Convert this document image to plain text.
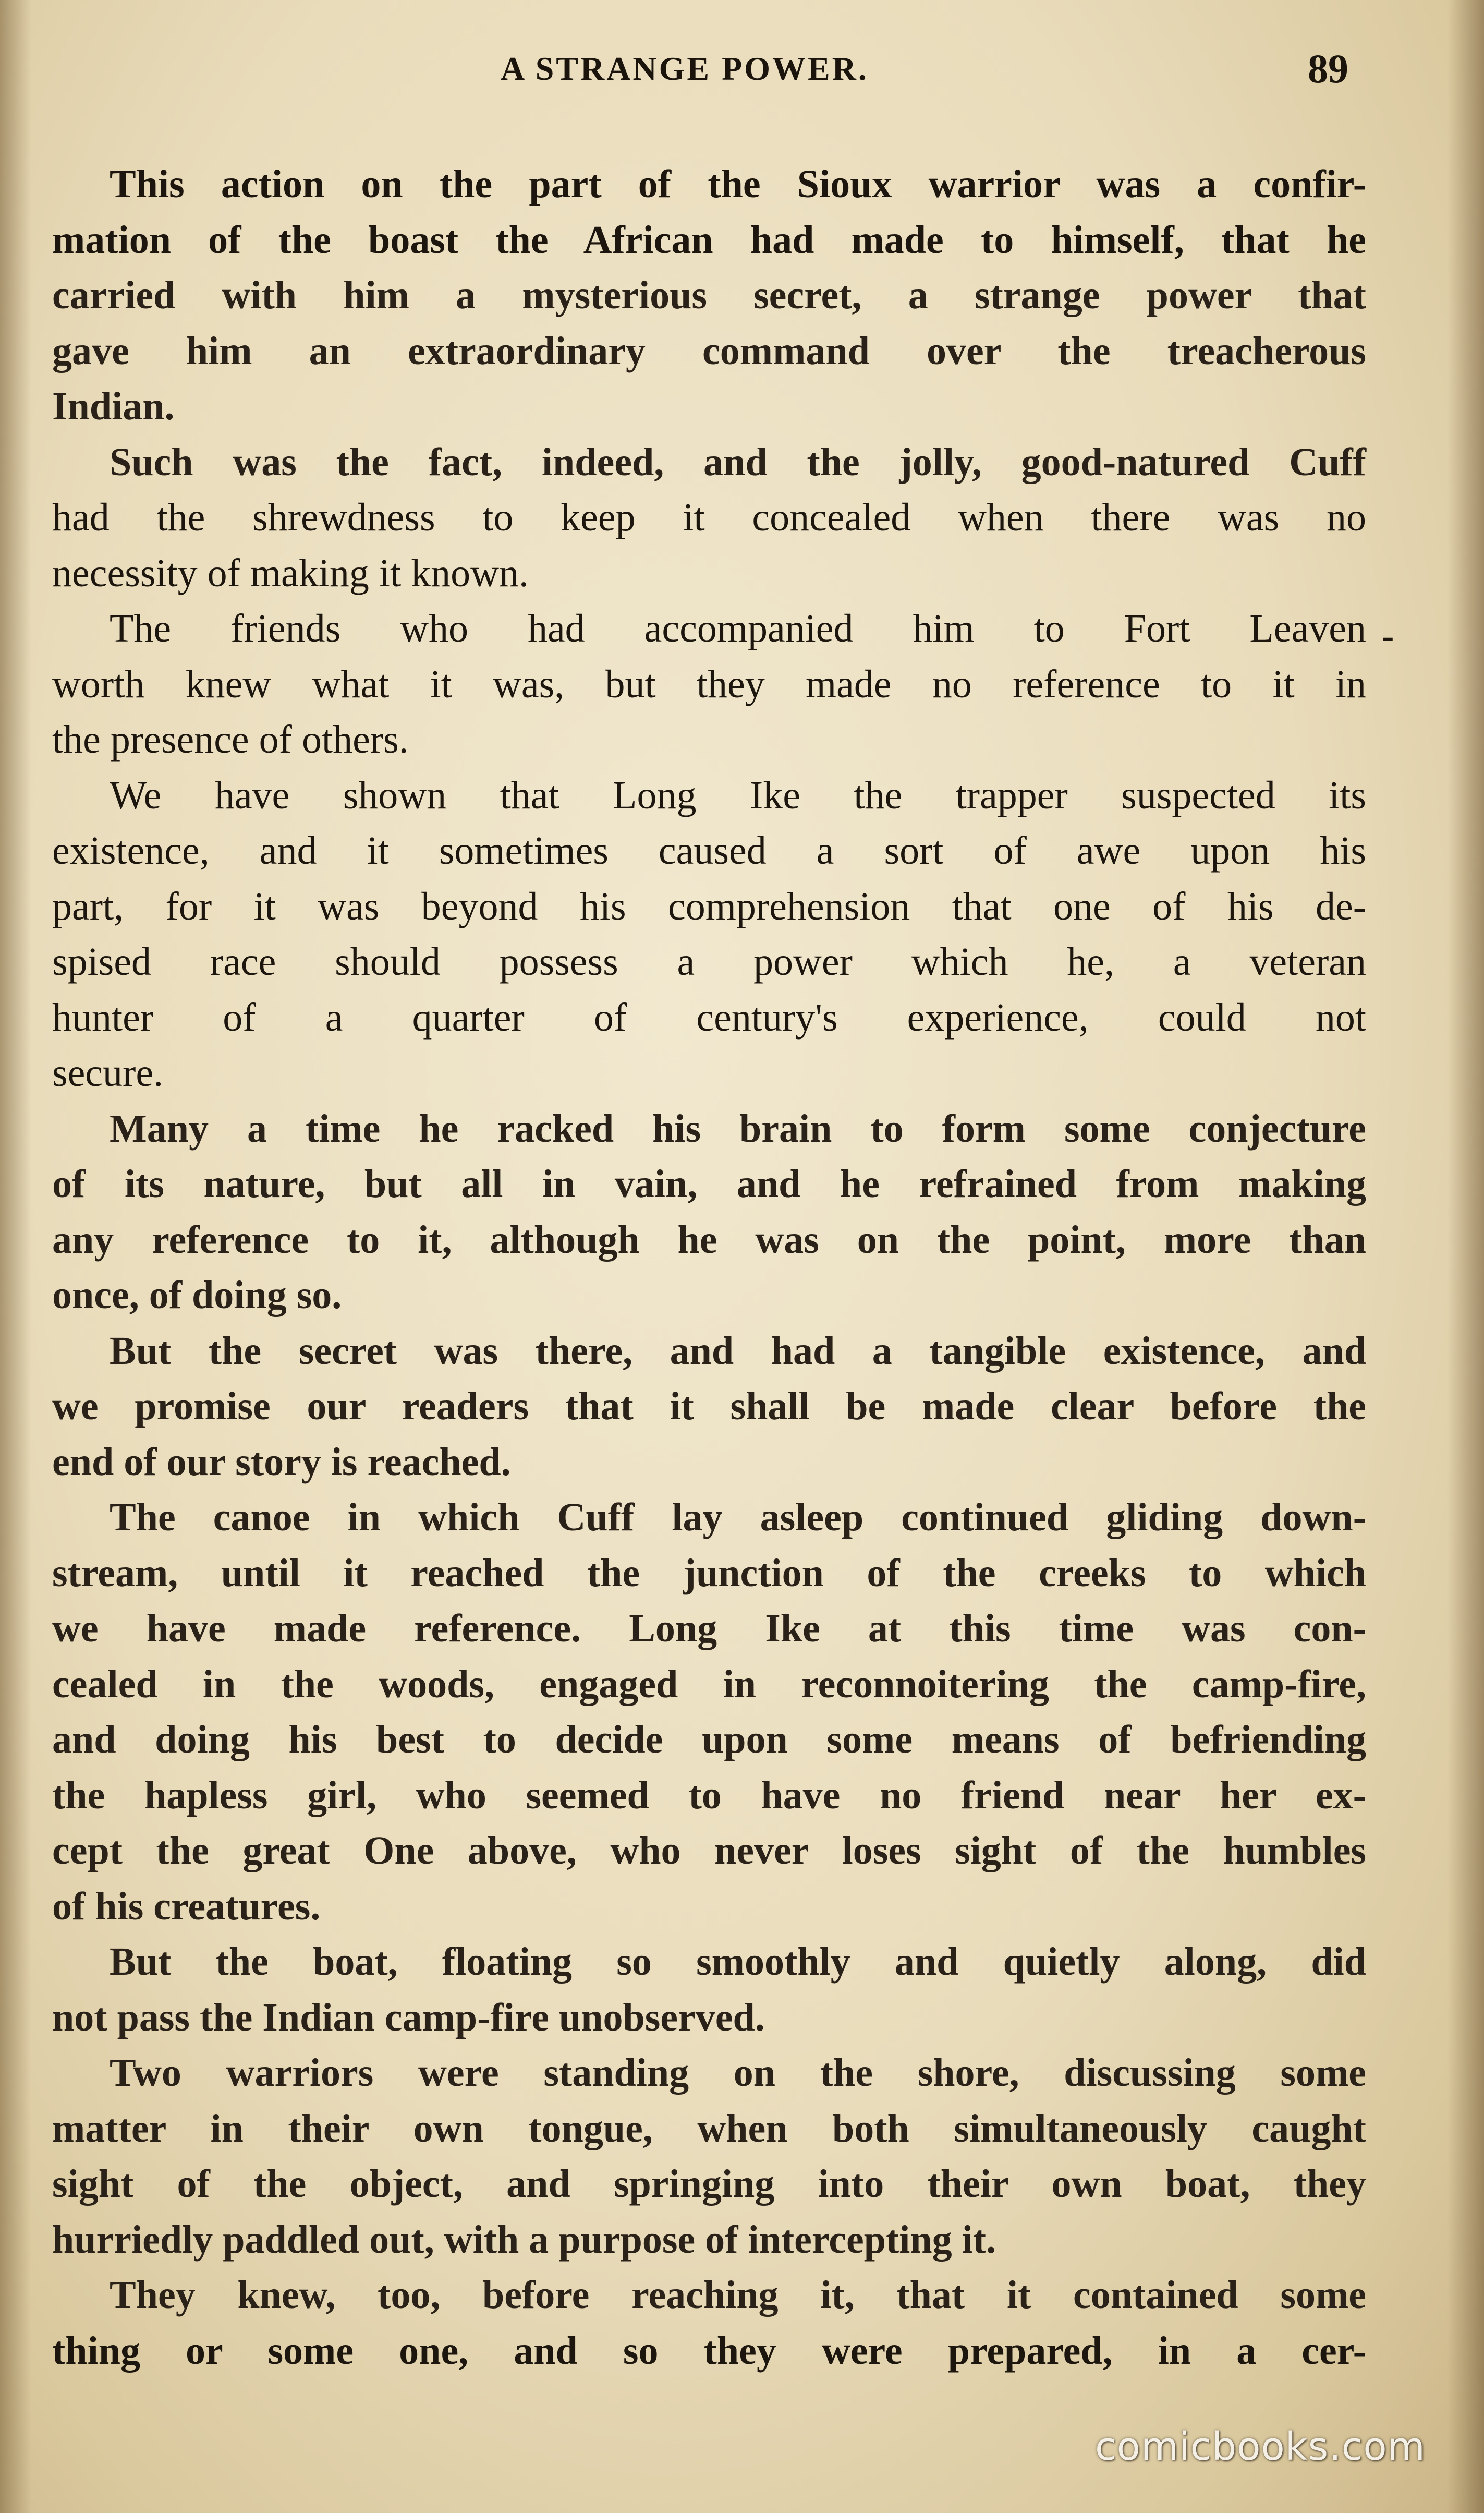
A STRANGE POWER.	89
-
This action on the part of the Sioux warrior was a confir-
mation of the boast the African had made to himself, that he
carried with him a mysterious secret, a strange power that
gave him an extraordinary command over the treacherous
Indian.
Such was the fact, indeed, and the jolly, good-natured Cuff
had the shrewdness to keep it concealed when there was no
necessity of making it known.
The friends who had accompanied him to Fort Leaven
worth knew what it was, but they made no reference to it in
the presence of others.
We have shown that Long Ike the trapper suspected its
existence, and it sometimes caused a sort of awe upon his
part, for it was beyond his comprehension that one of his de-
spised race should possess a power which he, a veteran
hunter of a quarter of century's experience, could not
secure.
Many a time he racked his brain to form some conjecture
of its nature, but all in vain, and he refrained from making
any reference to it, although he was on the point, more than
once, of doing so.
But the secret was there, and had a tangible existence, and
we promise our readers that it shall be made clear before the
end of our story is reached.
The canoe in which Cuff lay asleep continued gliding down-
stream, until it reached the junction of the creeks to which
we have made reference. Long Ike at this time was con-
cealed in the woods, engaged in reconnoitering the camp-fire,
and doing his best to decide upon some means of befriending
the hapless girl, who seemed to have no friend near her ex-
cept the great One above, who never loses sight of the humbles
of his creatures.
But the boat, floating so smoothly and quietly along, did
not pass the Indian camp-fire unobserved.
Two warriors were standing on the shore, discussing some
matter in their own tongue, when both simultaneously caught
sight of the object, and springing into their own boat, they
hurriedly paddled out, with a purpose of intercepting it.
They knew, too, before reaching it, that it contained some
thing or some one, and so they were prepared, in a cer-
comicbooks.com
